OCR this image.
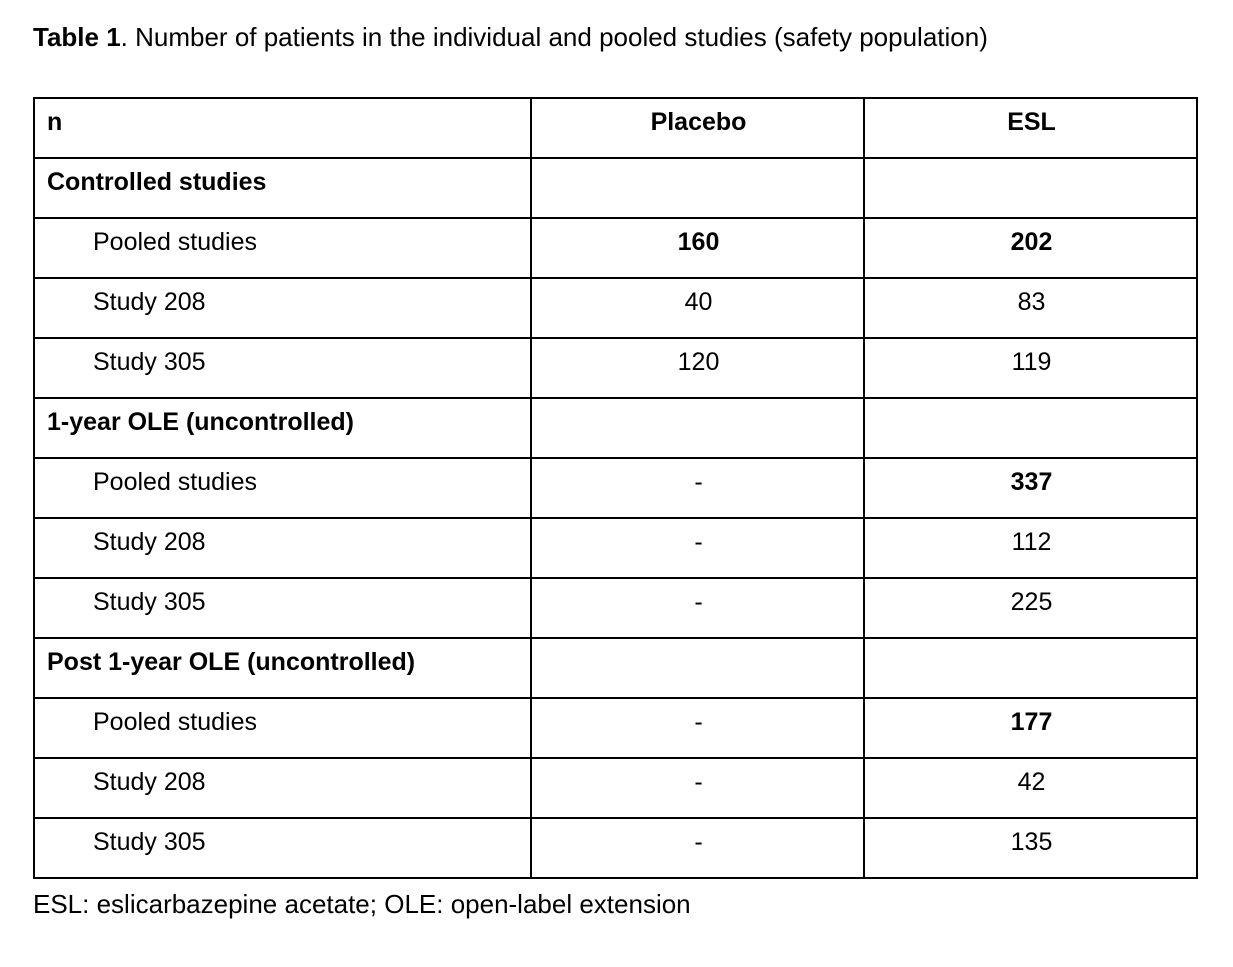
Table 1. Number of patients in the individual and pooled studies (safety population)

n	Placebo	ESL
Controlled studies		
Pooled studies	160	202
Study 208	40	83
Study 305	120	119
1-year OLE (uncontrolled)		
Pooled studies	-	337
Study 208	-	112
Study 305	-	225
Post 1-year OLE (uncontrolled)		
Pooled studies	-	177
Study 208	-	42
Study 305	-	135

ESL: eslicarbazepine acetate; OLE: open-label extension
